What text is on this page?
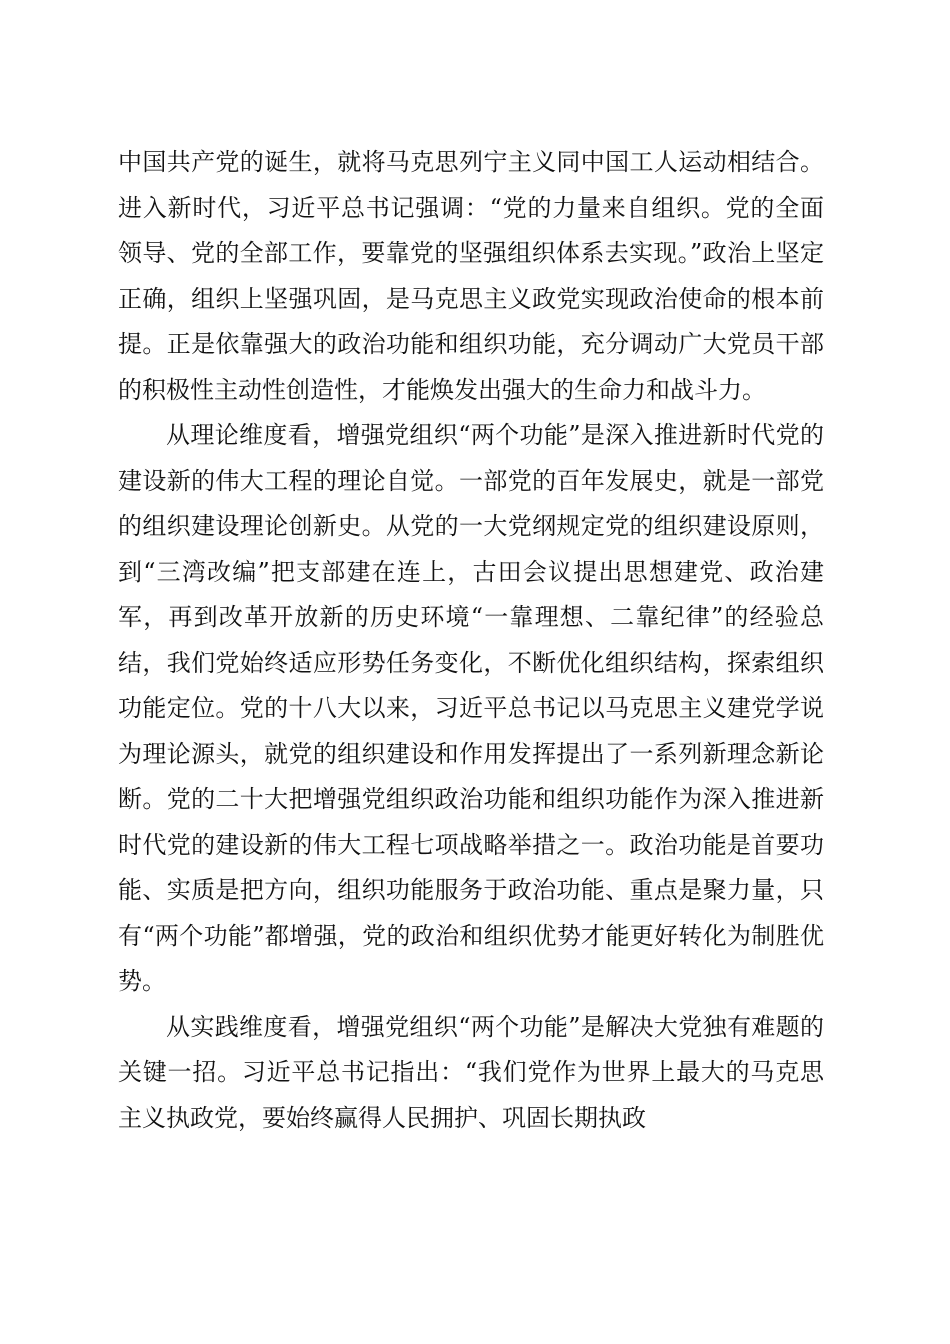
中国共产党的诞生，就将马克思列宁主义同中国工人运动相结合。进入新时代，习近平总书记强调：“党的力量来自组织。党的全面领导、党的全部工作，要靠党的坚强组织体系去实现。”政治上坚定正确，组织上坚强巩固，是马克思主义政党实现政治使命的根本前提。正是依靠强大的政治功能和组织功能，充分调动广大党员干部的积极性主动性创造性，才能焕发出强大的生命力和战斗力。

从理论维度看，增强党组织“两个功能”是深入推进新时代党的建设新的伟大工程的理论自觉。一部党的百年发展史，就是一部党的组织建设理论创新史。从党的一大党纲规定党的组织建设原则，到“三湾改编”把支部建在连上，古田会议提出思想建党、政治建军，再到改革开放新的历史环境“一靠理想、二靠纪律”的经验总结，我们党始终适应形势任务变化，不断优化组织结构，探索组织功能定位。党的十八大以来，习近平总书记以马克思主义建党学说为理论源头，就党的组织建设和作用发挥提出了一系列新理念新论断。党的二十大把增强党组织政治功能和组织功能作为深入推进新时代党的建设新的伟大工程七项战略举措之一。政治功能是首要功能、实质是把方向，组织功能服务于政治功能、重点是聚力量，只有“两个功能”都增强，党的政治和组织优势才能更好转化为制胜优势。

从实践维度看，增强党组织“两个功能”是解决大党独有难题的关键一招。习近平总书记指出：“我们党作为世界上最大的马克思主义执政党，要始终赢得人民拥护、巩固长期执政
